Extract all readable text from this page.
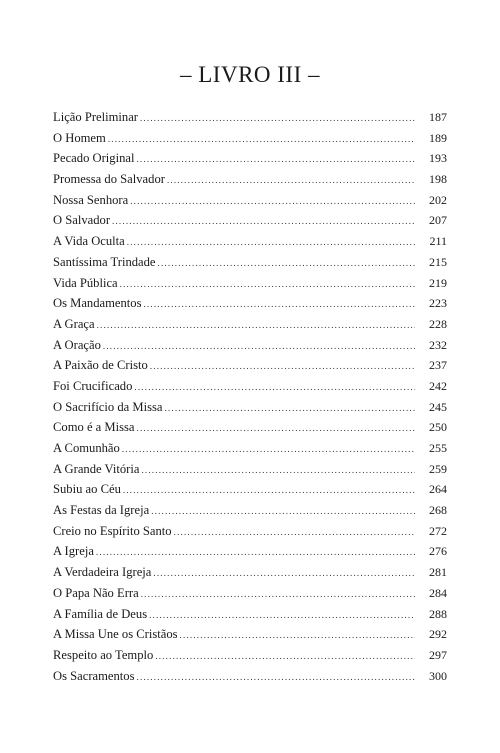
– LIVRO III –
Lição Preliminar .....	187
O Homem .....	189
Pecado Original .....	193
Promessa do Salvador .....	198
Nossa Senhora .....	202
O Salvador .....	207
A Vida Oculta .....	211
Santíssima Trindade .....	215
Vida Pública .....	219
Os Mandamentos .....	223
A Graça .....	228
A Oração .....	232
A Paixão de Cristo .....	237
Foi Crucificado .....	242
O Sacrifício da Missa .....	245
Como é a Missa .....	250
A Comunhão .....	255
A Grande Vitória .....	259
Subiu ao Céu .....	264
As Festas da Igreja .....	268
Creio no Espírito Santo .....	272
A Igreja .....	276
A Verdadeira Igreja .....	281
O Papa Não Erra .....	284
A Família de Deus .....	288
A Missa Une os Cristãos .....	292
Respeito ao Templo .....	297
Os Sacramentos .....	300
